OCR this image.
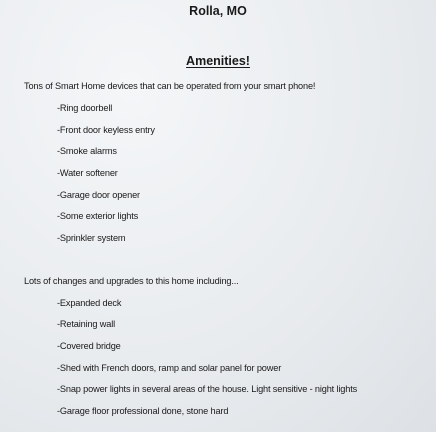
Rolla, MO
Amenities!
Tons of Smart Home devices that can be operated from your smart phone!
-Ring doorbell
-Front door keyless entry
-Smoke alarms
-Water softener
-Garage door opener
-Some exterior lights
-Sprinkler system
Lots of changes and upgrades to this home including...
-Expanded deck
-Retaining wall
-Covered bridge
-Shed with French doors, ramp and solar panel for power
-Snap power lights in several areas of the house. Light sensitive - night lights
-Garage floor professional done, stone hard
